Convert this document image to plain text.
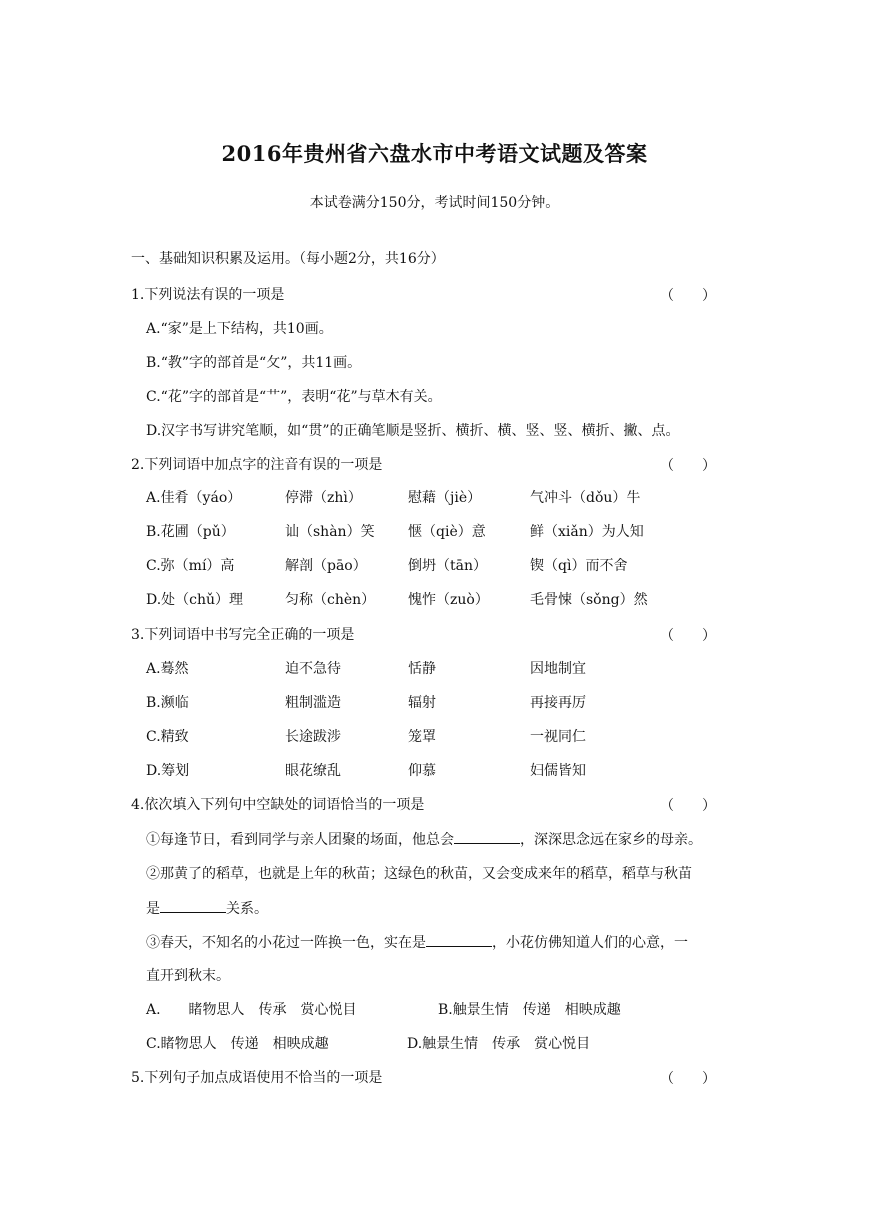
2016年贵州省六盘水市中考语文试题及答案
本试卷满分150分，考试时间150分钟。
一、基础知识积累及运用。（每小题2分，共16分）
1.下列说法有误的一项是	（　　）
A.“家”是上下结构，共10画。
B.“教”字的部首是“攵”，共11画。
C.“花”字的部首是“艹”，表明“花”与草木有关。
D.汉字书写讲究笔顺，如“贯”的正确笔顺是竖折、横折、横、竖、竖、横折、撇、点。
2.下列词语中加点字的注音有误的一项是	（　　）
A.佳肴（yáo）	停滞（zhì）	慰藉（jiè）	气冲斗（dǒu）牛
B.花圃（pǔ）	讪（shàn）笑 惬（qiè）意	鲜（xiǎn）为人知
C.弥（mí）高	解剖（pāo）	倒坍（tān）	锲（qì）而不舍
D.处（chǔ）理	匀称（chèn） 愧怍（zuò）	毛骨悚（sǒng）然
3.下列词语中书写完全正确的一项是	（　　）
A.蓦然	迫不急待	恬静	因地制宜
B.濒临	粗制滥造	辐射	再接再厉
C.精致	长途跋涉	笼罩	一视同仁
D.筹划	眼花缭乱	仰慕	妇儒皆知
4.依次填入下列句中空缺处的词语恰当的一项是	（　　）
①每逢节日，看到同学与亲人团聚的场面，他总会	，深深思念远在家乡的母亲。
②那黄了的稻草，也就是上年的秋苗；这绿色的秋苗，又会变成来年的稻草，稻草与秋苗
是	关系。
③春天，不知名的小花过一阵换一色，实在是	，小花仿佛知道人们的心意，一
直开到秋末。
A.　　睹物思人　传承　赏心悦目	B.触景生情　传递　相映成趣
C.睹物思人　传递　相映成趣	D.触景生情　传承　赏心悦目
5.下列句子加点成语使用不恰当的一项是	（　　）
